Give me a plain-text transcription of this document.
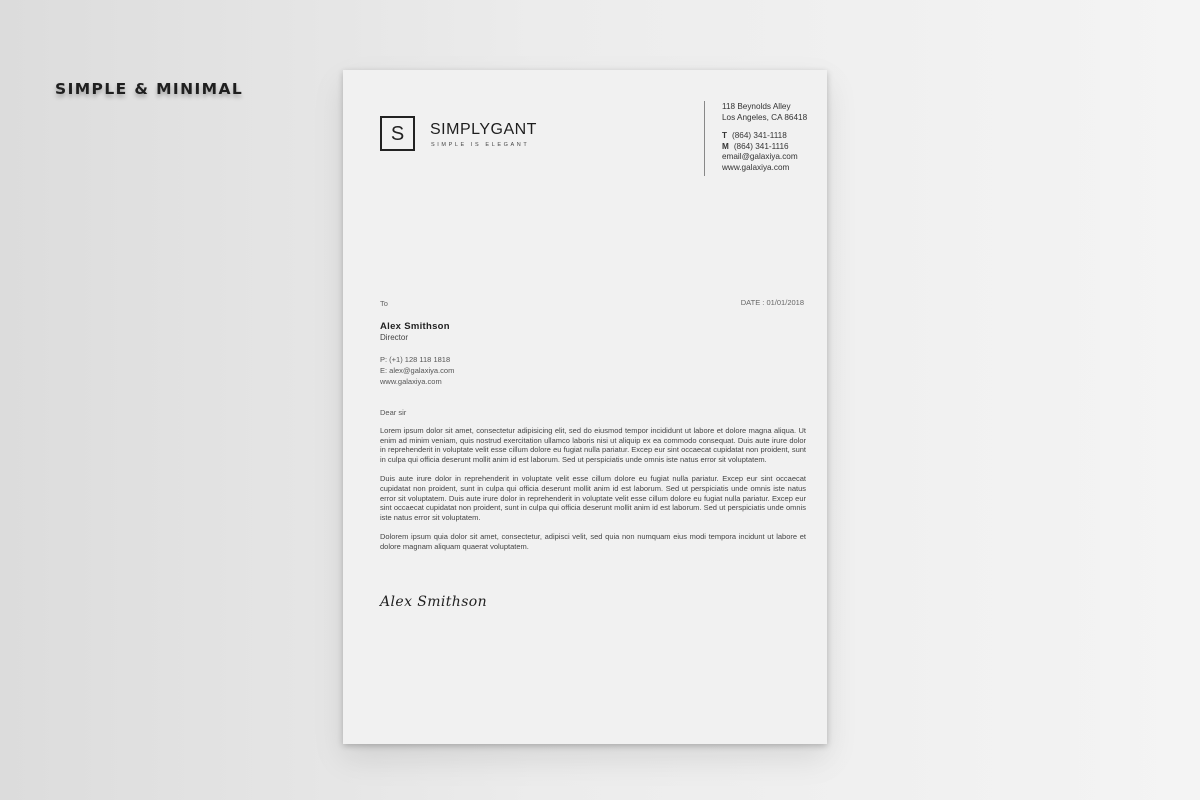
SIMPLE & MINIMAL
S SIMPLYGANT
SIMPLE IS ELEGANT
118 Beynolds Alley
Los Angeles, CA 86418
T (864) 341-1118
M (864) 341-1116
email@galaxiya.com
www.galaxiya.com
To	DATE : 01/01/2018
Alex Smithson
Director
P: (+1) 128 118 1818
E: alex@galaxiya.com
www.galaxiya.com
Dear sir

Lorem ipsum dolor sit amet, consectetur adipisicing elit, sed do eiusmod tempor incididunt ut labore et dolore magna aliqua. Ut enim ad minim veniam, quis nostrud exercitation ullamco laboris nisi ut aliquip ex ea commodo consequat. Duis aute irure dolor in reprehenderit in voluptate velit esse cillum dolore eu fugiat nulla pariatur. Excep eur sint occaecat cupidatat non proident, sunt in culpa qui officia deserunt mollit anim id est laborum. Sed ut perspiciatis unde omnis iste natus error sit voluptatem.

Duis aute irure dolor in reprehenderit in voluptate velit esse cillum dolore eu fugiat nulla pariatur. Excep eur sint occaecat cupidatat non proident, sunt in culpa qui officia deserunt mollit anim id est laborum. Sed ut perspiciatis unde omnis iste natus error sit voluptatem. Duis aute irure dolor in reprehenderit in voluptate velit esse cillum dolore eu fugiat nulla pariatur. Excep eur sint occaecat cupidatat non proident, sunt in culpa qui officia deserunt mollit anim id est laborum. Sed ut perspiciatis unde omnis iste natus error sit voluptatem.

Dolorem ipsum quia dolor sit amet, consectetur, adipisci velit, sed quia non numquam eius modi tempora incidunt ut labore et dolore magnam aliquam quaerat voluptatem.

Alex Smithson
